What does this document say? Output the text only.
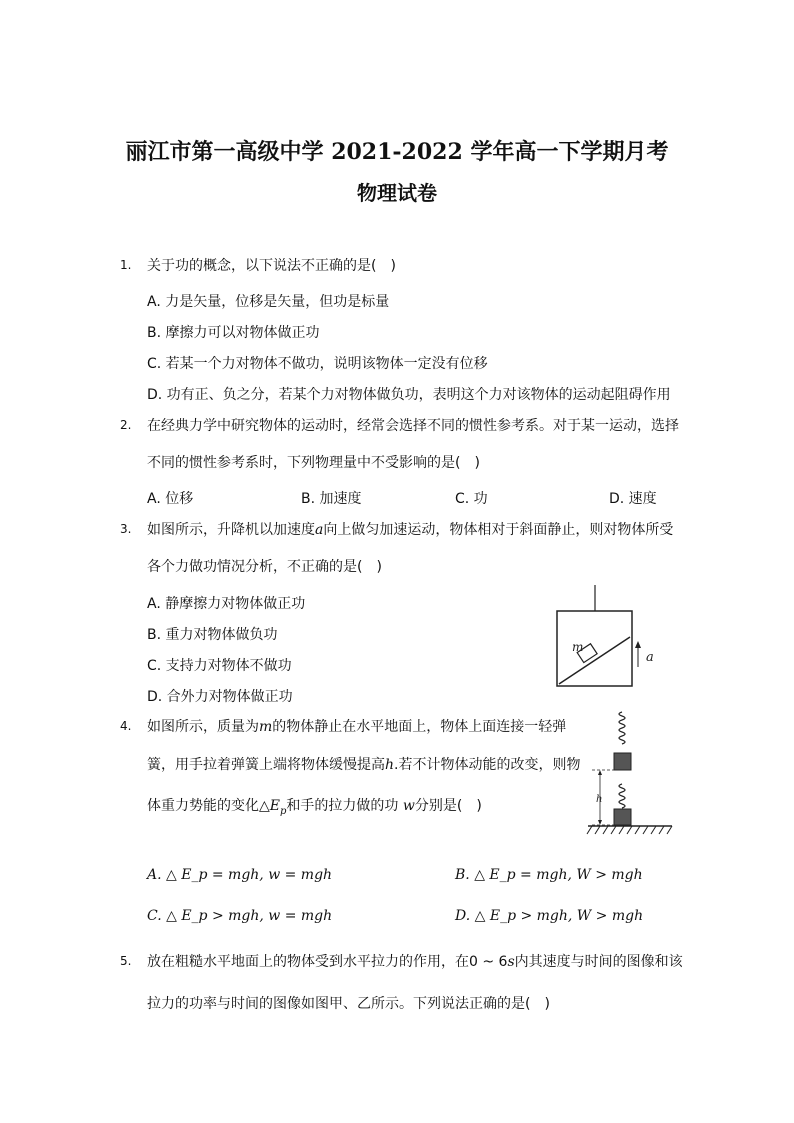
丽江市第一高级中学 2021-2022 学年高一下学期月考
物理试卷
1. 关于功的概念，以下说法不正确的是(　)
A. 力是矢量，位移是矢量，但功是标量
B. 摩擦力可以对物体做正功
C. 若某一个力对物体不做功，说明该物体一定没有位移
D. 功有正、负之分，若某个力对物体做负功，表明这个力对该物体的运动起阻碍作用
2. 在经典力学中研究物体的运动时，经常会选择不同的惯性参考系。对于某一运动，选择
不同的惯性参考系时，下列物理量中不受影响的是(　)
A. 位移	B. 加速度	C. 功	D. 速度
3. 如图所示，升降机以加速度a向上做匀加速运动，物体相对于斜面静止，则对物体所受
各个力做功情况分析，不正确的是(　)
A. 静摩擦力对物体做正功
B. 重力对物体做负功
C. 支持力对物体不做功
D. 合外力对物体做正功
m
a
4. 如图所示，质量为m的物体静止在水平地面上，物体上面连接一轻弹
簧，用手拉着弹簧上端将物体缓慢提高h.若不计物体动能的改变，则物
体重力势能的变化$\triangle E_p$和手的拉力做的功 w分别是(　)	h
A. △ E_p = mgh, w = mgh	B. △ E_p = mgh, W > mgh
C. △ E_p > mgh, w = mgh	D. △ E_p > mgh, W > mgh
5. 放在粗糙水平地面上的物体受到水平拉力的作用，在0 ~ 6s内其速度与时间的图像和该
拉力的功率与时间的图像如图甲、乙所示。下列说法正确的是(　)
